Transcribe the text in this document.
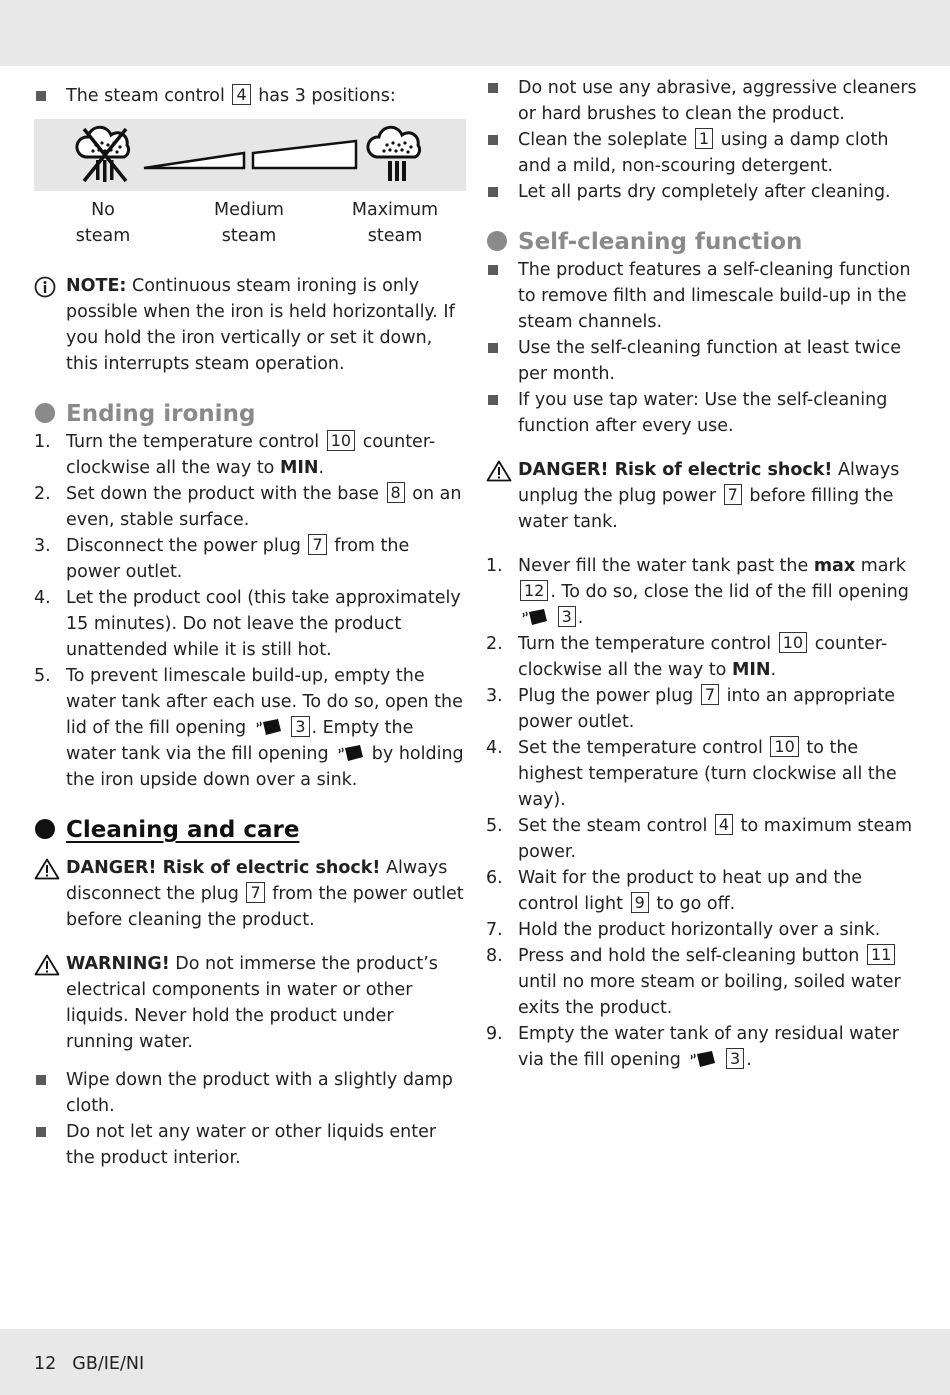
The steam control 4 has 3 positions:
No
steam
Medium
steam
Maximum
steam
NOTE: Continuous steam ironing is only possible when the iron is held horizontally. If you hold the iron vertically or set it down, this interrupts steam operation.
Ending ironing
1. Turn the temperature control 10 counter-clockwise all the way to MIN.
2. Set down the product with the base 8 on an even, stable surface.
3. Disconnect the power plug 7 from the power outlet.
4. Let the product cool (this take approximately 15 minutes). Do not leave the product unattended while it is still hot.
5. To prevent limescale build-up, empty the water tank after each use. To do so, open the lid of the fill opening	3 . Empty the water tank via the fill opening by holding the iron upside down over a sink.
Cleaning and care
DANGER! Risk of electric shock! Always disconnect the plug 7 from the power outlet before cleaning the product.
WARNING! Do not immerse the product’s electrical components in water or other liquids. Never hold the product under running water.
Wipe down the product with a slightly damp cloth.
Do not let any water or other liquids enter the product interior.
Do not use any abrasive, aggressive cleaners or hard brushes to clean the product.
Clean the soleplate 1 using a damp cloth and a mild, non-scouring detergent.
Let all parts dry completely after cleaning.
Self-cleaning function
The product features a self-cleaning function to remove filth and limescale build-up in the steam channels.
Use the self-cleaning function at least twice per month.
If you use tap water: Use the self-cleaning function after every use.
DANGER! Risk of electric shock! Always unplug the plug power 7 before filling the water tank.
1. Never fill the water tank past the max mark 12 . To do so, close the lid of the fill opening  3 .
2. Turn the temperature control 10 counter-clockwise all the way to MIN.
3. Plug the power plug 7 into an appropriate power outlet.
4. Set the temperature control 10 to the highest temperature (turn clockwise all the way).
5. Set the steam control 4 to maximum steam power.
6. Wait for the product to heat up and the control light 9 to go off.
7. Hold the product horizontally over a sink.
8. Press and hold the self-cleaning button 11 until no more steam or boiling, soiled water exits the product.
9. Empty the water tank of any residual water via the fill opening	3 .
12 GB/IE/NI
